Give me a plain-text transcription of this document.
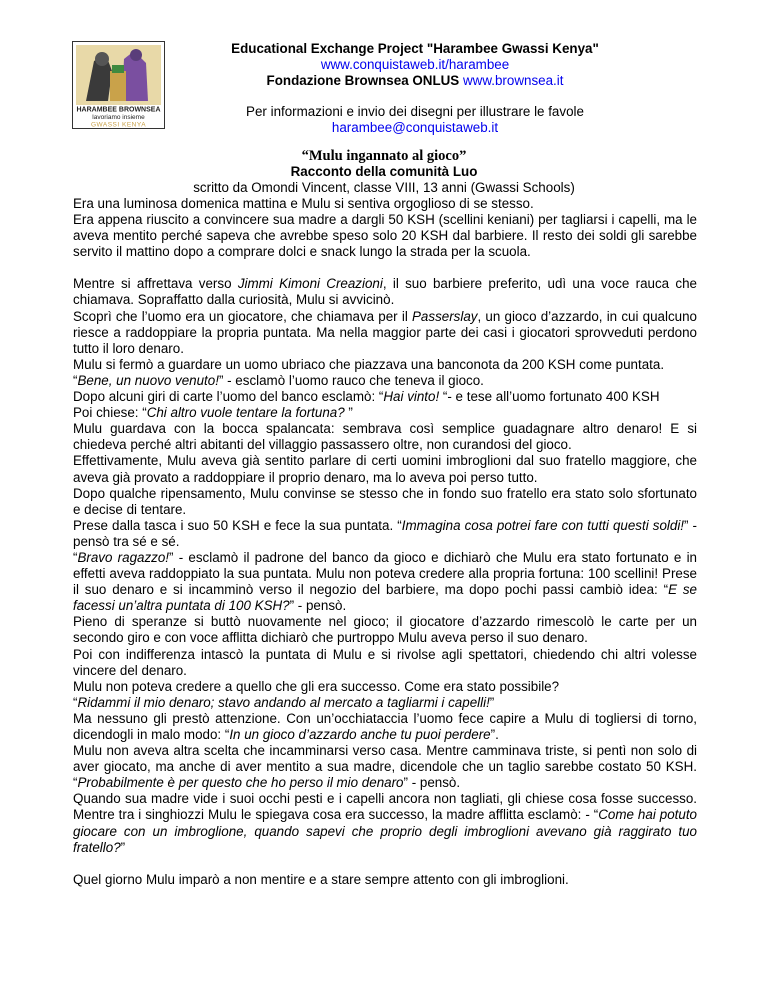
HARAMBEE BROWNSEA
lavoriamo insieme
GWASSI KENYA
Educational Exchange Project "Harambee Gwassi Kenya"
www.conquistaweb.it/harambee
Fondazione Brownsea ONLUS www.brownsea.it
Per informazioni e invio dei disegni per illustrare le favole
harambee@conquistaweb.it
“Mulu ingannato al gioco”
Racconto della comunità Luo
scritto da Omondi Vincent, classe VIII, 13 anni (Gwassi Schools)

Era una luminosa domenica mattina e Mulu si sentiva orgoglioso di se stesso.

Era appena riuscito a convincere sua madre a dargli 50 KSH (scellini keniani) per tagliarsi i capelli, ma le aveva mentito perché sapeva che avrebbe speso solo 20 KSH dal barbiere. Il resto dei soldi gli sarebbe servito il mattino dopo a comprare dolci e snack lungo la strada per la scuola.

Mentre si affrettava verso Jimmi Kimoni Creazioni, il suo barbiere preferito, udì una voce rauca che chiamava. Sopraffatto dalla curiosità, Mulu si avvicinò.

Scoprì che l’uomo era un giocatore, che chiamava per il Passerslay, un gioco d’azzardo, in cui qualcuno riesce a raddoppiare la propria puntata. Ma nella maggior parte dei casi i giocatori sprovveduti perdono tutto il loro denaro.

Mulu si fermò a guardare un uomo ubriaco che piazzava una banconota da 200 KSH come puntata.

“Bene, un nuovo venuto!” - esclamò l’uomo rauco che teneva il gioco.

Dopo alcuni giri di carte l’uomo del banco esclamò: “Hai vinto! “- e tese all’uomo fortunato 400 KSH

Poi chiese: “Chi altro vuole tentare la fortuna? ”

Mulu guardava con la bocca spalancata: sembrava così semplice guadagnare altro denaro! E si chiedeva perché altri abitanti del villaggio passassero oltre, non curandosi del gioco.

Effettivamente, Mulu aveva già sentito parlare di certi uomini imbroglioni dal suo fratello maggiore, che aveva già provato a raddoppiare il proprio denaro, ma lo aveva poi perso tutto.

Dopo qualche ripensamento, Mulu convinse se stesso che in fondo suo fratello era stato solo sfortunato e decise di tentare.

Prese dalla tasca i suo 50 KSH e fece la sua puntata. “Immagina cosa potrei fare con tutti questi soldi!” - pensò tra sé e sé.

“Bravo ragazzo!” - esclamò il padrone del banco da gioco e dichiarò che Mulu era stato fortunato e in effetti aveva raddoppiato la sua puntata. Mulu non poteva credere alla propria fortuna: 100 scellini! Prese il suo denaro e si incamminò verso il negozio del barbiere, ma dopo pochi passi cambiò idea: “E se facessi un’altra puntata di 100 KSH?” - pensò.

Pieno di speranze si buttò nuovamente nel gioco; il giocatore d’azzardo rimescolò le carte per un secondo giro e con voce afflitta dichiarò che purtroppo Mulu aveva perso il suo denaro.

Poi con indifferenza intascò la puntata di Mulu e si rivolse agli spettatori, chiedendo chi altri volesse vincere del denaro.

Mulu non poteva credere a quello che gli era successo. Come era stato possibile?

“Ridammi il mio denaro; stavo andando al mercato a tagliarmi i capelli!”

Ma nessuno gli prestò attenzione. Con un’occhiataccia l’uomo fece capire a Mulu di togliersi di torno, dicendogli in malo modo: “In un gioco d’azzardo anche tu puoi perdere”.

Mulu non aveva altra scelta che incamminarsi verso casa. Mentre camminava triste, si pentì non solo di aver giocato, ma anche di aver mentito a sua madre, dicendole che un taglio sarebbe costato 50 KSH. “Probabilmente è per questo che ho perso il mio denaro” - pensò.

Quando sua madre vide i suoi occhi pesti e i capelli ancora non tagliati, gli chiese cosa fosse successo. Mentre tra i singhiozzi Mulu le spiegava cosa era successo, la madre afflitta esclamò: - “Come hai potuto giocare con un imbroglione, quando sapevi che proprio degli imbroglioni avevano già raggirato tuo fratello?”

Quel giorno Mulu imparò a non mentire e a stare sempre attento con gli imbroglioni.
